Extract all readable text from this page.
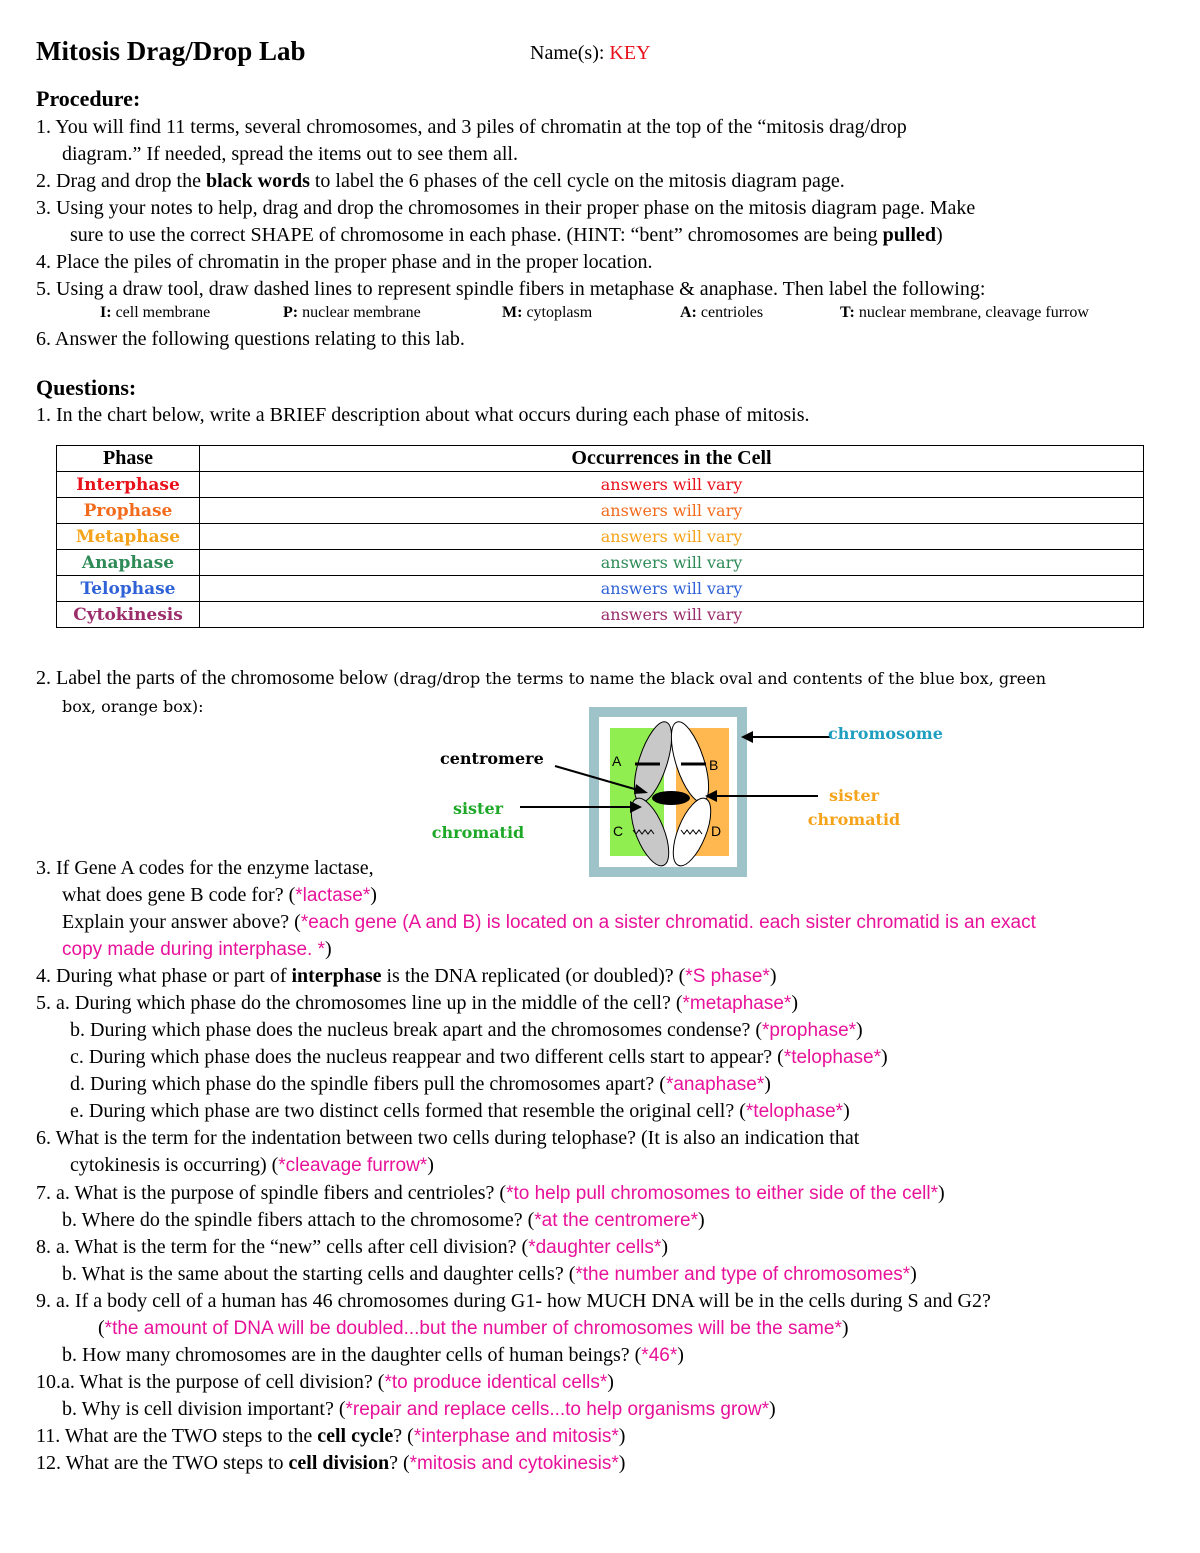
Mitosis Drag/Drop Lab	Name(s): KEY
Procedure:
1. You will find 11 terms, several chromosomes, and 3 piles of chromatin at the top of the “mitosis drag/drop
diagram.” If needed, spread the items out to see them all.
2. Drag and drop the black words to label the 6 phases of the cell cycle on the mitosis diagram page.
3. Using your notes to help, drag and drop the chromosomes in their proper phase on the mitosis diagram page. Make
sure to use the correct SHAPE of chromosome in each phase. (HINT: “bent” chromosomes are being pulled)
4. Place the piles of chromatin in the proper phase and in the proper location.
5. Using a draw tool, draw dashed lines to represent spindle fibers in metaphase & anaphase. Then label the following:
I: cell membrane	P: nuclear membrane	M: cytoplasm	A: centrioles	T: nuclear membrane, cleavage furrow
6. Answer the following questions relating to this lab.
Questions:
1. In the chart below, write a BRIEF description about what occurs during each phase of mitosis.
Phase	Occurrences in the Cell
Interphase	answers will vary
Prophase	answers will vary
Metaphase	answers will vary
Anaphase	answers will vary
Telophase	answers will vary
Cytokinesis	answers will vary
2. Label the parts of the chromosome below (drag/drop the terms to name the black oval and contents of the blue box, green
box, orange box):
A	B
C	D
chromosome
centromere
sister
chromatid
sister
chromatid
3. If Gene A codes for the enzyme lactase,
what does gene B code for? (*lactase*)
Explain your answer above? (*each gene (A and B) is located on a sister chromatid. each sister chromatid is an exact
copy made during interphase. *)
4. During what phase or part of interphase is the DNA replicated (or doubled)? (*S phase*)
5. a. During which phase do the chromosomes line up in the middle of the cell? (*metaphase*)
b. During which phase does the nucleus break apart and the chromosomes condense? (*prophase*)
c. During which phase does the nucleus reappear and two different cells start to appear? (*telophase*)
d. During which phase do the spindle fibers pull the chromosomes apart? (*anaphase*)
e. During which phase are two distinct cells formed that resemble the original cell? (*telophase*)
6. What is the term for the indentation between two cells during telophase? (It is also an indication that
cytokinesis is occurring) (*cleavage furrow*)
7. a. What is the purpose of spindle fibers and centrioles? (*to help pull chromosomes to either side of the cell*)
b. Where do the spindle fibers attach to the chromosome? (*at the centromere*)
8. a. What is the term for the “new” cells after cell division? (*daughter cells*)
b. What is the same about the starting cells and daughter cells? (*the number and type of chromosomes*)
9. a. If a body cell of a human has 46 chromosomes during G1- how MUCH DNA will be in the cells during S and G2?
(*the amount of DNA will be doubled...but the number of chromosomes will be the same*)
b. How many chromosomes are in the daughter cells of human beings? (*46*)
10.a. What is the purpose of cell division? (*to produce identical cells*)
b. Why is cell division important? (*repair and replace cells...to help organisms grow*)
11. What are the TWO steps to the cell cycle? (*interphase and mitosis*)
12. What are the TWO steps to cell division? (*mitosis and cytokinesis*)
